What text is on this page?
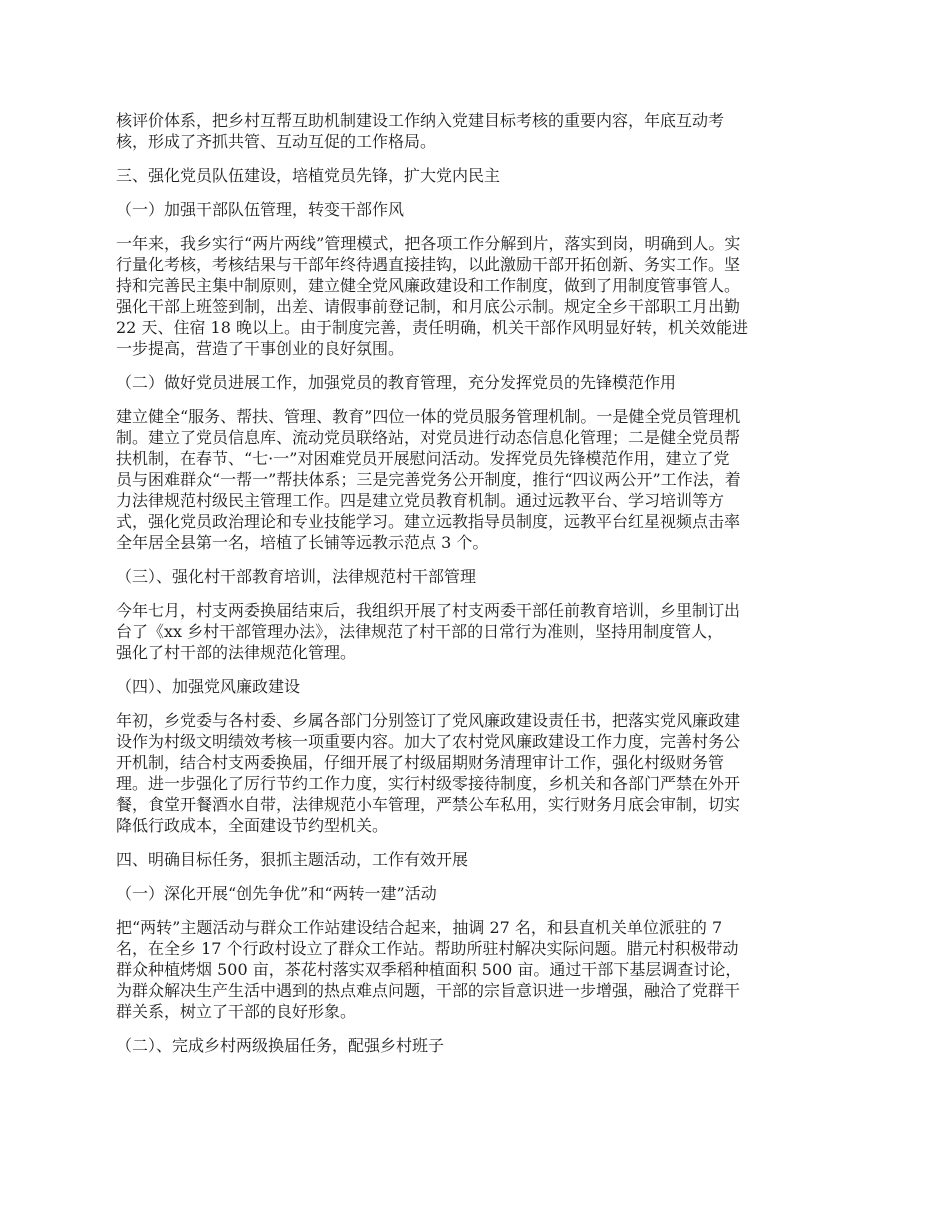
核评价体系，把乡村互帮互助机制建设工作纳入党建目标考核的重要内容，年底互动考
核，形成了齐抓共管、互动互促的工作格局。
三、强化党员队伍建设，培植党员先锋，扩大党内民主
（一）加强干部队伍管理，转变干部作风
一年来，我乡实行“两片两线”管理模式，把各项工作分解到片，落实到岗，明确到人。实
行量化考核，考核结果与干部年终待遇直接挂钩，以此激励干部开拓创新、务实工作。坚
持和完善民主集中制原则，建立健全党风廉政建设和工作制度，做到了用制度管事管人。
强化干部上班签到制，出差、请假事前登记制，和月底公示制。规定全乡干部职工月出勤
22 天、住宿 18 晚以上。由于制度完善，责任明确，机关干部作风明显好转，机关效能进
一步提高，营造了干事创业的良好氛围。
（二）做好党员进展工作，加强党员的教育管理，充分发挥党员的先锋模范作用
建立健全“服务、帮扶、管理、教育”四位一体的党员服务管理机制。一是健全党员管理机
制。建立了党员信息库、流动党员联络站，对党员进行动态信息化管理；二是健全党员帮
扶机制，在春节、“七·一”对困难党员开展慰问活动。发挥党员先锋模范作用，建立了党
员与困难群众“一帮一”帮扶体系；三是完善党务公开制度，推行“四议两公开”工作法，着
力法律规范村级民主管理工作。四是建立党员教育机制。通过远教平台、学习培训等方
式，强化党员政治理论和专业技能学习。建立远教指导员制度，远教平台红星视频点击率
全年居全县第一名，培植了长铺等远教示范点 3 个。
（三）、强化村干部教育培训，法律规范村干部管理
今年七月，村支两委换届结束后，我组织开展了村支两委干部任前教育培训，乡里制订出
台了《xx 乡村干部管理办法》，法律规范了村干部的日常行为准则，坚持用制度管人，
强化了村干部的法律规范化管理。
（四）、加强党风廉政建设
年初，乡党委与各村委、乡属各部门分别签订了党风廉政建设责任书，把落实党风廉政建
设作为村级文明绩效考核一项重要内容。加大了农村党风廉政建设工作力度，完善村务公
开机制，结合村支两委换届，仔细开展了村级届期财务清理审计工作，强化村级财务管
理。进一步强化了厉行节约工作力度，实行村级零接待制度，乡机关和各部门严禁在外开
餐，食堂开餐酒水自带，法律规范小车管理，严禁公车私用，实行财务月底会审制，切实
降低行政成本，全面建设节约型机关。
四、明确目标任务，狠抓主题活动，工作有效开展
（一）深化开展“创先争优”和“两转一建”活动
把“两转”主题活动与群众工作站建设结合起来，抽调 27 名，和县直机关单位派驻的 7
名，在全乡 17 个行政村设立了群众工作站。帮助所驻村解决实际问题。腊元村积极带动
群众种植烤烟 500 亩，茶花村落实双季稻种植面积 500 亩。通过干部下基层调查讨论，
为群众解决生产生活中遇到的热点难点问题，干部的宗旨意识进一步增强，融洽了党群干
群关系，树立了干部的良好形象。
（二）、完成乡村两级换届任务，配强乡村班子
